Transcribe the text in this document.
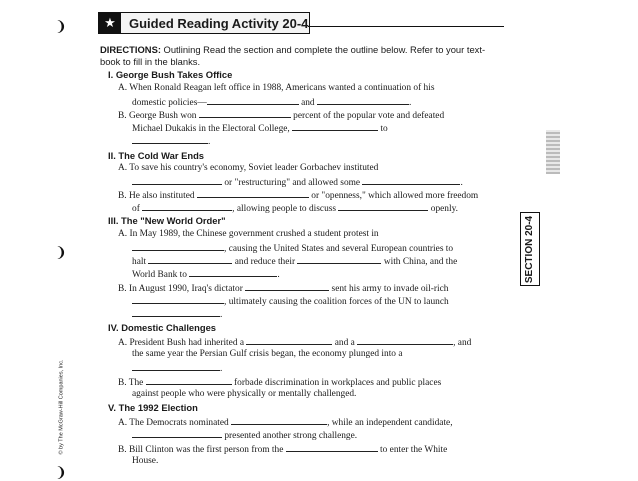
❩
❩
❩
★	Guided Reading Activity 20-4
DIRECTIONS: Outlining Read the section and complete the outline below. Refer to your text-
book to fill in the blanks.
I. George Bush Takes Office
A. When Ronald Reagan left office in 1988, Americans wanted a continuation of his
domestic policies—	and	.
B. George Bush won	percent of the popular vote and defeated
Michael Dukakis in the Electoral College,	to
.
II. The Cold War Ends
A. To save his country's economy, Soviet leader Gorbachev instituted
or "restructuring" and allowed some	.
B. He also instituted	or "openness," which allowed more freedom
of	, allowing people to discuss	openly.
III. The "New World Order"
A. In May 1989, the Chinese government crushed a student protest in
, causing the United States and several European countries to
halt	and reduce their	with China, and the
World Bank to	.
B. In August 1990, Iraq's dictator	sent his army to invade oil-rich
, ultimately causing the coalition forces of the UN to launch
.
IV. Domestic Challenges
A. President Bush had inherited a	and a	, and
the same year the Persian Gulf crisis began, the economy plunged into a
.
B. The	forbade discrimination in workplaces and public places
against people who were physically or mentally challenged.
V. The 1992 Election
A. The Democrats nominated	, while an independent candidate,
presented another strong challenge.
B. Bill Clinton was the first person from the	to enter the White
House.
SECTION 20-4
© by The McGraw-Hill Companies, Inc.
